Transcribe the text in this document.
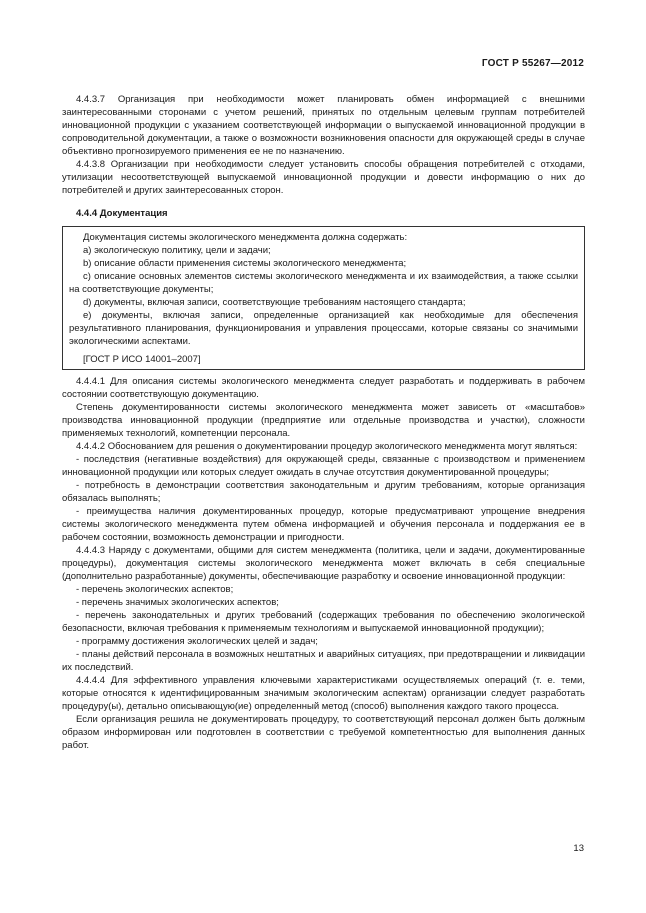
ГОСТ Р 55267—2012

4.4.3.7 Организация при необходимости может планировать обмен информацией с внешними заинтересованными сторонами с учетом решений, принятых по отдельным целевым группам потребителей инновационной продукции с указанием соответствующей информации о выпускаемой инновационной продукции в сопроводительной документации, а также о возможности возникновения опасности для окружающей среды в случае объективно прогнозируемого применения ее не по назначению.

4.4.3.8 Организации при необходимости следует установить способы обращения потребителей с отходами, утилизации несоответствующей выпускаемой инновационной продукции и довести информацию о них до потребителей и других заинтересованных сторон.

4.4.4 Документация

Документация системы экологического менеджмента должна содержать:

а) экологическую политику, цели и задачи;

b) описание области применения системы экологического менеджмента;

c) описание основных элементов системы экологического менеджмента и их взаимодействия, а также ссылки на соответствующие документы;

d) документы, включая записи, соответствующие требованиям настоящего стандарта;

e) документы, включая записи, определенные организацией как необходимые для обеспечения результативного планирования, функционирования и управления процессами, которые связаны со значимыми экологическими аспектами.

[ГОСТ Р ИСО 14001–2007]

4.4.4.1 Для описания системы экологического менеджмента следует разработать и поддерживать в рабочем состоянии соответствующую документацию.

Степень документированности системы экологического менеджмента может зависеть от «масштабов» производства инновационной продукции (предприятие или отдельные производства и участки), сложности применяемых технологий, компетенции персонала.

4.4.4.2 Обоснованием для решения о документировании процедур экологического менеджмента могут являться:

- последствия (негативные воздействия) для окружающей среды, связанные с производством и применением инновационной продукции или которых следует ожидать в случае отсутствия документированной процедуры;

- потребность в демонстрации соответствия законодательным и другим требованиям, которые организация обязалась выполнять;

- преимущества наличия документированных процедур, которые предусматривают упрощение внедрения системы экологического менеджмента путем обмена информацией и обучения персонала и поддержания ее в рабочем состоянии, возможность демонстрации и пригодности.

4.4.4.3 Наряду с документами, общими для систем менеджмента (политика, цели и задачи, документированные процедуры), документация системы экологического менеджмента может включать в себя специальные (дополнительно разработанные) документы, обеспечивающие разработку и освоение инновационной продукции:

- перечень экологических аспектов;

- перечень значимых экологических аспектов;

- перечень законодательных и других требований (содержащих требования по обеспечению экологической безопасности, включая требования к применяемым технологиям и выпускаемой инновационной продукции);

- программу достижения экологических целей и задач;

- планы действий персонала в возможных нештатных и аварийных ситуациях, при предотвращении и ликвидации их последствий.

4.4.4.4 Для эффективного управления ключевыми характеристиками осуществляемых операций (т. е. теми, которые относятся к идентифицированным значимым экологическим аспектам) организации следует разработать процедуру(ы), детально описывающую(ие) определенный метод (способ) выполнения каждого такого процесса.

Если организация решила не документировать процедуру, то соответствующий персонал должен быть должным образом информирован или подготовлен в соответствии с требуемой компетентностью для выполнения данных работ.

13
